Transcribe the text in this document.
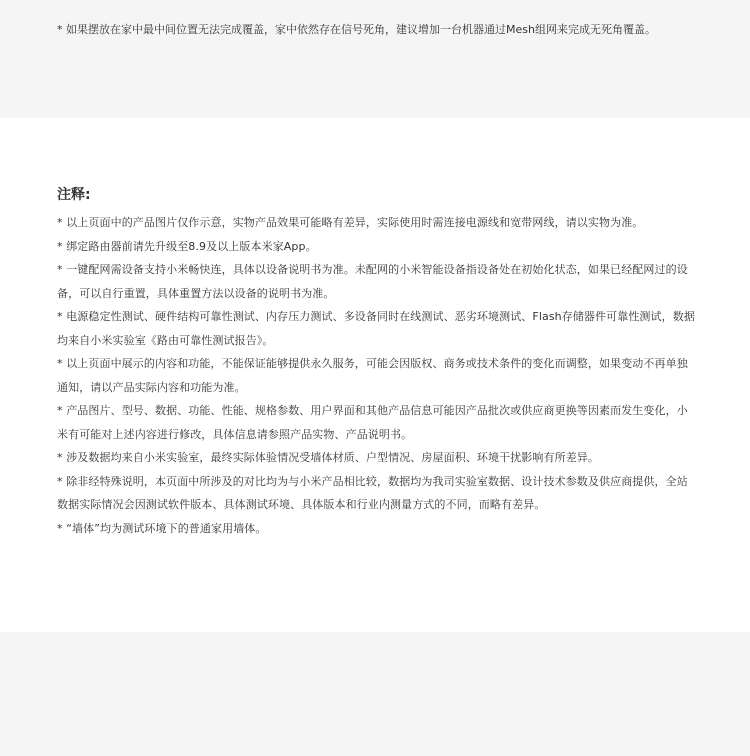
* 如果摆放在家中最中间位置无法完成覆盖，家中依然存在信号死角，建议增加一台机器通过Mesh组网来完成无死角覆盖。
注释:
* 以上页面中的产品图片仅作示意，实物产品效果可能略有差异，实际使用时需连接电源线和宽带网线，请以实物为准。
* 绑定路由器前请先升级至8.9及以上版本米家App。
* 一键配网需设备支持小米畅快连，具体以设备说明书为准。未配网的小米智能设备指设备处在初始化状态，如果已经配网过的设备，可以自行重置，具体重置方法以设备的说明书为准。
* 电源稳定性测试、硬件结构可靠性测试、内存压力测试、多设备同时在线测试、恶劣环境测试、Flash存储器件可靠性测试，数据均来自小米实验室《路由可靠性测试报告》。
* 以上页面中展示的内容和功能，不能保证能够提供永久服务，可能会因版权、商务或技术条件的变化而调整，如果变动不再单独通知，请以产品实际内容和功能为准。
* 产品图片、型号、数据、功能、性能、规格参数、用户界面和其他产品信息可能因产品批次或供应商更换等因素而发生变化，小米有可能对上述内容进行修改，具体信息请参照产品实物、产品说明书。
* 涉及数据均来自小米实验室，最终实际体验情况受墙体材质、户型情况、房屋面积、环境干扰影响有所差异。
* 除非经特殊说明，本页面中所涉及的对比均为与小米产品相比较，数据均为我司实验室数据、设计技术参数及供应商提供，全站数据实际情况会因测试软件版本、具体测试环境、具体版本和行业内测量方式的不同，而略有差异。
* “墙体”均为测试环境下的普通家用墙体。
